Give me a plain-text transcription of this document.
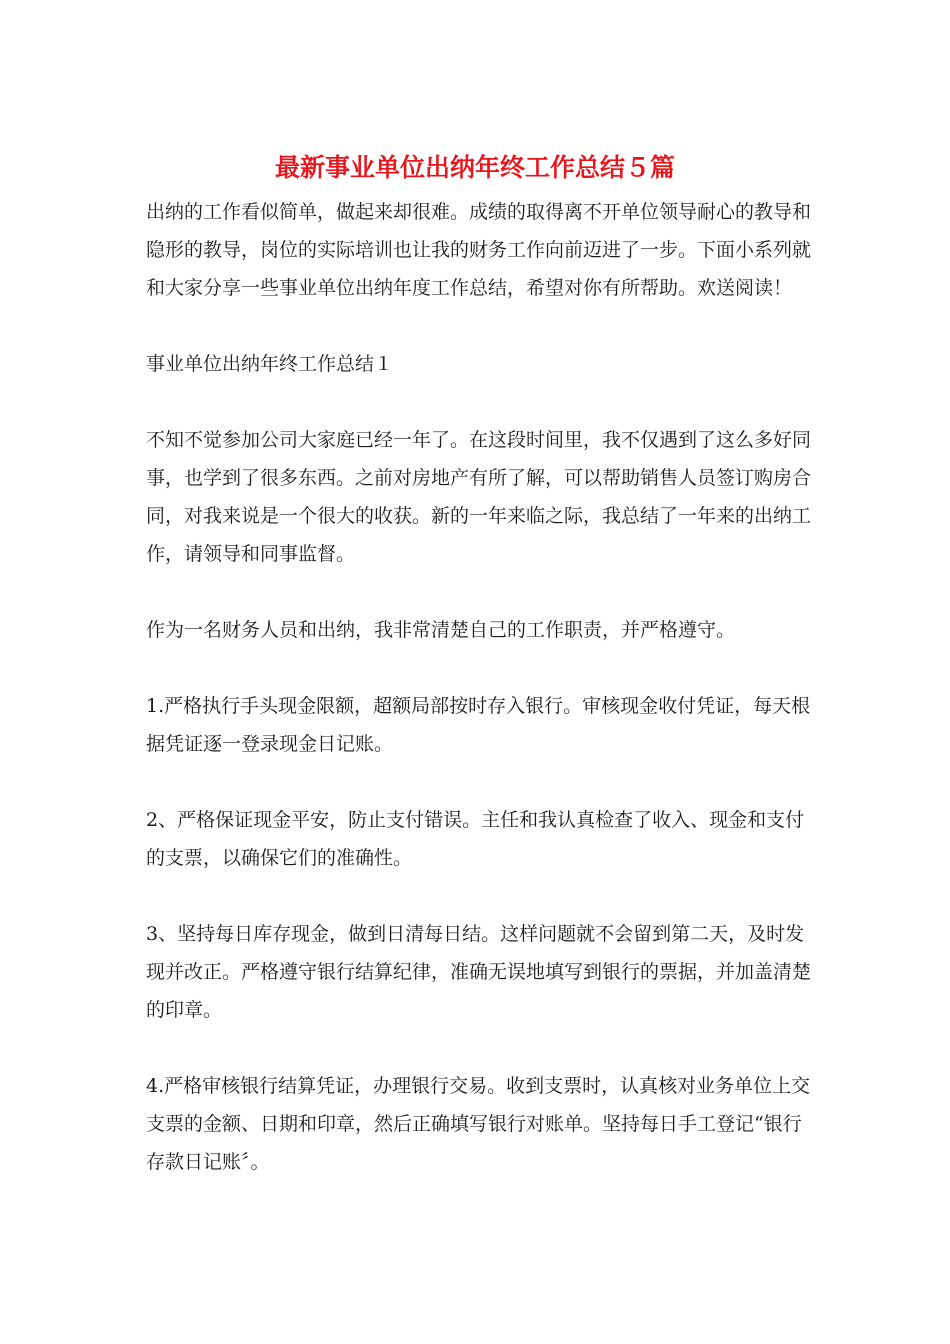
最新事业单位出纳年终工作总结５篇

出纳的工作看似简单，做起来却很难。成绩的取得离不开单位领导耐心的教导和隐形的教导，岗位的实际培训也让我的财务工作向前迈进了一步。下面小系列就和大家分享一些事业单位出纳年度工作总结，希望对你有所帮助。欢送阅读！

事业单位出纳年终工作总结１

不知不觉参加公司大家庭已经一年了。在这段时间里，我不仅遇到了这么多好同事，也学到了很多东西。之前对房地产有所了解，可以帮助销售人员签订购房合同，对我来说是一个很大的收获。新的一年来临之际，我总结了一年来的出纳工作，请领导和同事监督。

作为一名财务人员和出纳，我非常清楚自己的工作职责，并严格遵守。

1.严格执行手头现金限额，超额局部按时存入银行。审核现金收付凭证，每天根据凭证逐一登录现金日记账。

2、严格保证现金平安，防止支付错误。主任和我认真检查了收入、现金和支付的支票，以确保它们的准确性。

3、坚持每日库存现金，做到日清每日结。这样问题就不会留到第二天，及时发现并改正。严格遵守银行结算纪律，准确无误地填写到银行的票据，并加盖清楚的印章。

4.严格审核银行结算凭证，办理银行交易。收到支票时，认真核对业务单位上交支票的金额、日期和印章，然后正确填写银行对账单。坚持每日手工登记“银行存款日记账〞。
